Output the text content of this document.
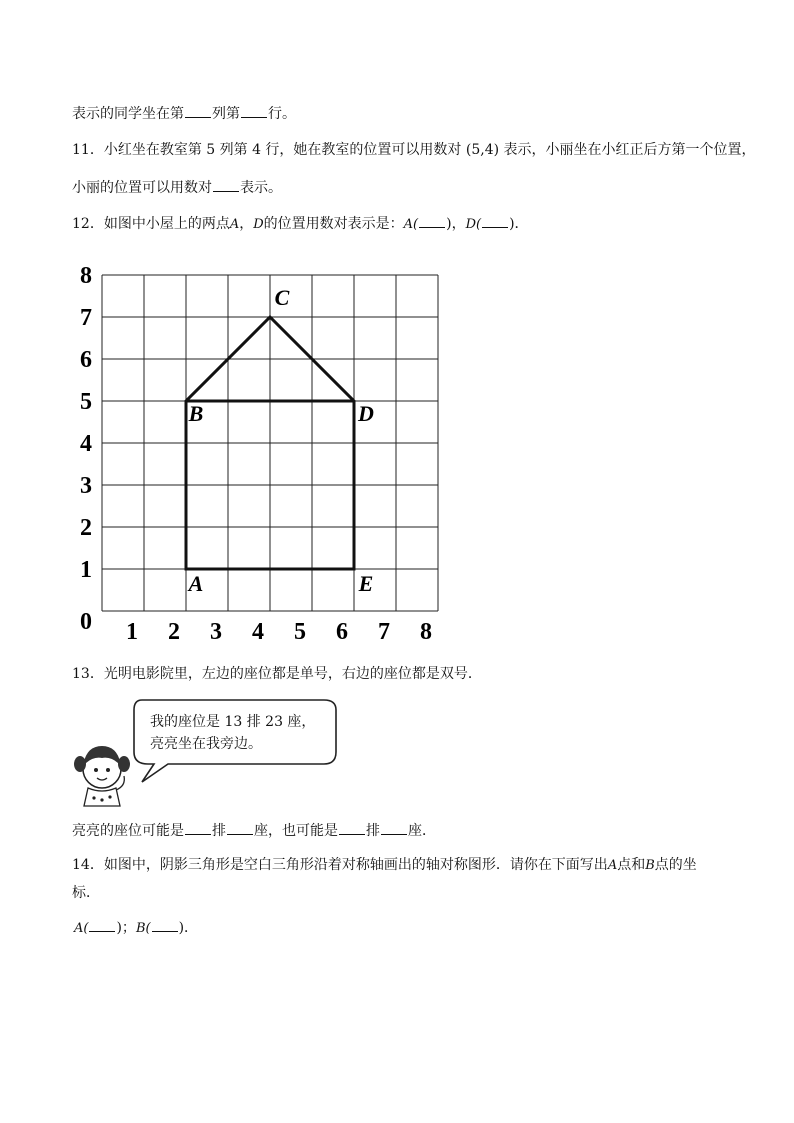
表示的同学坐在第 列第 行。
11．小红坐在教室第 5 列第 4 行，她在教室的位置可以用数对 (5,4) 表示，小丽坐在小红正后方第一个位置，
小丽的位置可以用数对 表示。
12．如图中小屋上的两点A，D的位置用数对表示是：A( )，D( )．
0
1
2
3
4
5
6
7
8
1 2 3 4 5 6 7 8
A	E
D
C
B
13．光明电影院里，左边的座位都是单号，右边的座位都是双号．
我的座位是 13 排 23 座，
亮亮坐在我旁边。
亮亮的座位可能是 排 座，也可能是 排 座．
14．如图中，阴影三角形是空白三角形沿着对称轴画出的轴对称图形．请你在下面写出A点和B点的坐
标．
A( )；B( )．
